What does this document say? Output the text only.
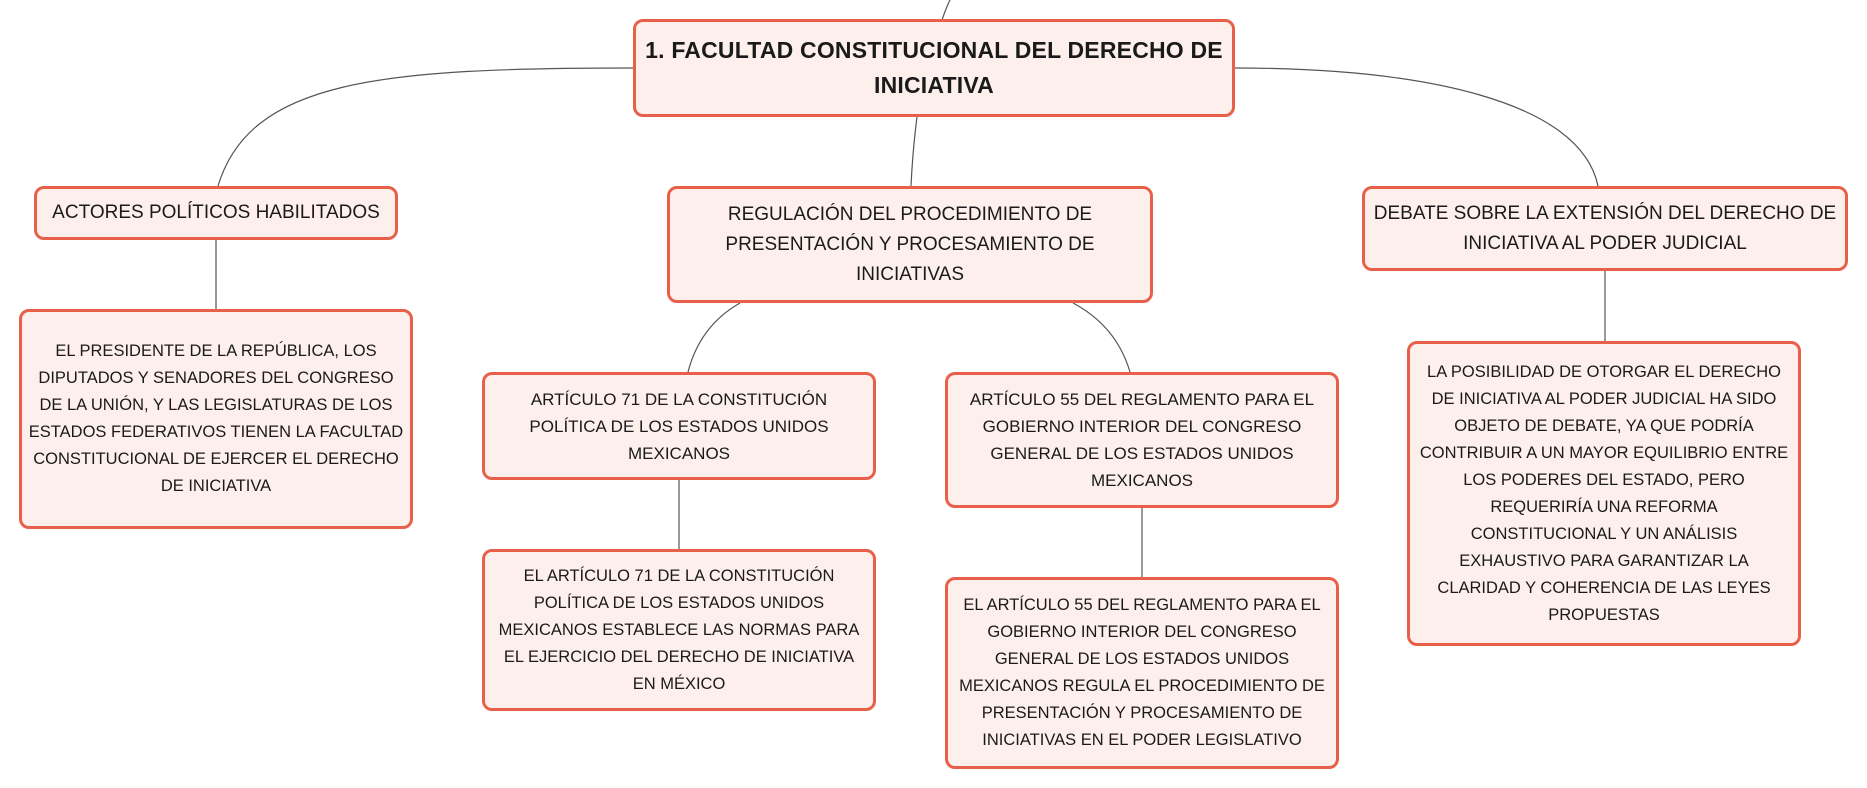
1. FACULTAD CONSTITUCIONAL DEL DERECHO DE INICIATIVA
ACTORES POLÍTICOS HABILITADOS
EL PRESIDENTE DE LA REPÚBLICA, LOS DIPUTADOS Y SENADORES DEL CONGRESO DE LA UNIÓN, Y LAS LEGISLATURAS DE LOS ESTADOS FEDERATIVOS TIENEN LA FACULTAD CONSTITUCIONAL DE EJERCER EL DERECHO DE INICIATIVA
REGULACIÓN DEL PROCEDIMIENTO DE PRESENTACIÓN Y PROCESAMIENTO DE INICIATIVAS
ARTÍCULO 71 DE LA CONSTITUCIÓN POLÍTICA DE LOS ESTADOS UNIDOS MEXICANOS
EL ARTÍCULO 71 DE LA CONSTITUCIÓN POLÍTICA DE LOS ESTADOS UNIDOS MEXICANOS ESTABLECE LAS NORMAS PARA EL EJERCICIO DEL DERECHO DE INICIATIVA EN MÉXICO
ARTÍCULO 55 DEL REGLAMENTO PARA EL GOBIERNO INTERIOR DEL CONGRESO GENERAL DE LOS ESTADOS UNIDOS MEXICANOS
EL ARTÍCULO 55 DEL REGLAMENTO PARA EL GOBIERNO INTERIOR DEL CONGRESO GENERAL DE LOS ESTADOS UNIDOS MEXICANOS REGULA EL PROCEDIMIENTO DE PRESENTACIÓN Y PROCESAMIENTO DE INICIATIVAS EN EL PODER LEGISLATIVO
DEBATE SOBRE LA EXTENSIÓN DEL DERECHO DE INICIATIVA AL PODER JUDICIAL
LA POSIBILIDAD DE OTORGAR EL DERECHO DE INICIATIVA AL PODER JUDICIAL HA SIDO OBJETO DE DEBATE, YA QUE PODRÍA CONTRIBUIR A UN MAYOR EQUILIBRIO ENTRE LOS PODERES DEL ESTADO, PERO REQUERIRÍA UNA REFORMA CONSTITUCIONAL Y UN ANÁLISIS EXHAUSTIVO PARA GARANTIZAR LA CLARIDAD Y COHERENCIA DE LAS LEYES PROPUESTAS
